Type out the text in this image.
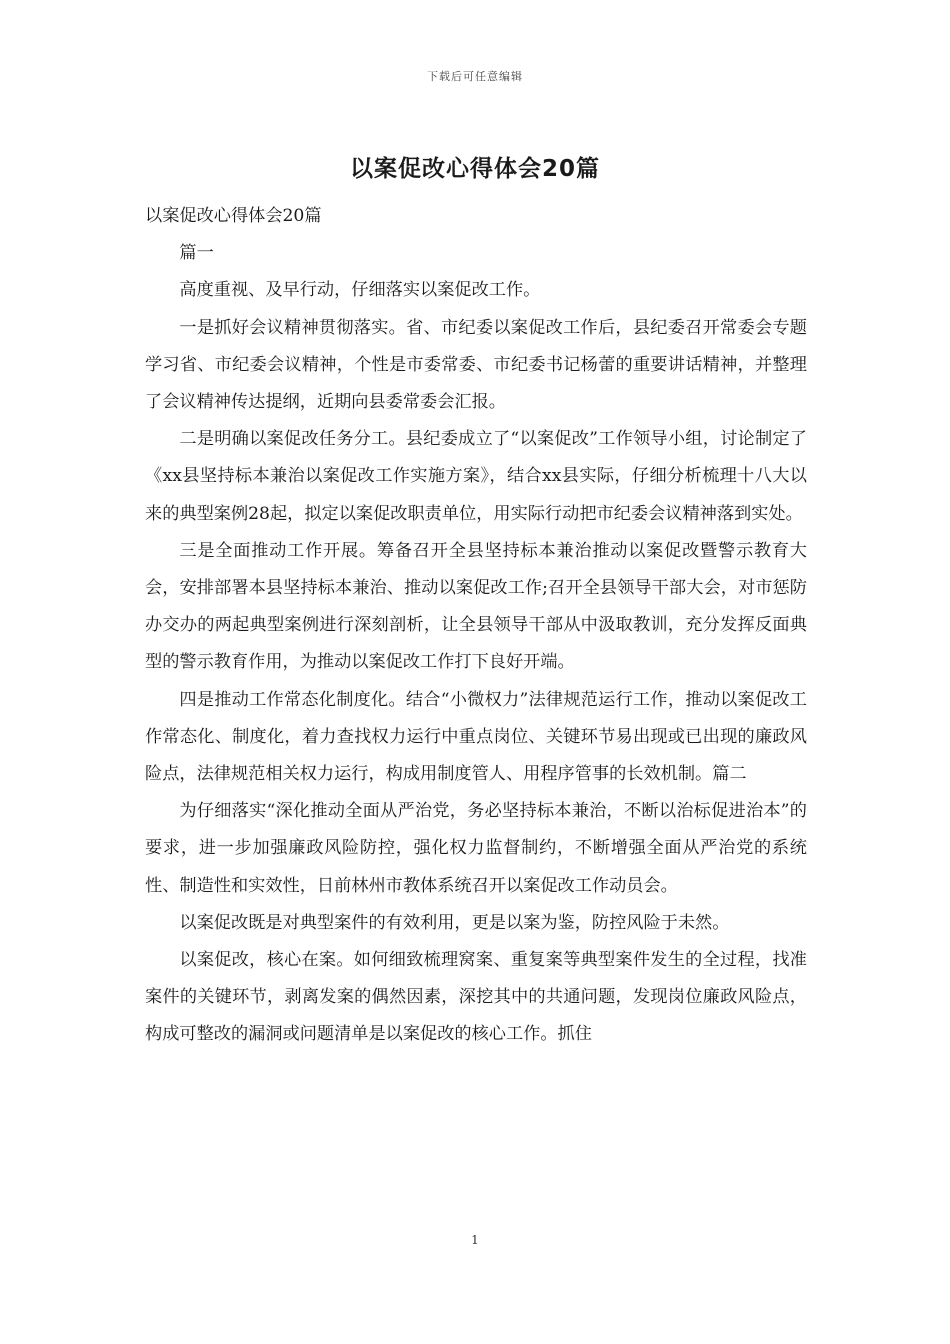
下载后可任意编辑
以案促改心得体会20篇

以案促改心得体会20篇

篇一

高度重视、及早行动，仔细落实以案促改工作。

一是抓好会议精神贯彻落实。省、市纪委以案促改工作后，县纪委召开常委会专题学习省、市纪委会议精神，个性是市委常委、市纪委书记杨蕾的重要讲话精神，并整理了会议精神传达提纲，近期向县委常委会汇报。

二是明确以案促改任务分工。县纪委成立了“以案促改”工作领导小组，讨论制定了《xx县坚持标本兼治以案促改工作实施方案》，结合xx县实际，仔细分析梳理十八大以来的典型案例28起，拟定以案促改职责单位，用实际行动把市纪委会议精神落到实处。

三是全面推动工作开展。筹备召开全县坚持标本兼治推动以案促改暨警示教育大会，安排部署本县坚持标本兼治、推动以案促改工作;召开全县领导干部大会，对市惩防办交办的两起典型案例进行深刻剖析，让全县领导干部从中汲取教训，充分发挥反面典型的警示教育作用，为推动以案促改工作打下良好开端。

四是推动工作常态化制度化。结合“小微权力”法律规范运行工作，推动以案促改工作常态化、制度化，着力查找权力运行中重点岗位、关键环节易出现或已出现的廉政风险点，法律规范相关权力运行，构成用制度管人、用程序管事的长效机制。篇二

为仔细落实“深化推动全面从严治党，务必坚持标本兼治，不断以治标促进治本”的要求，进一步加强廉政风险防控，强化权力监督制约，不断增强全面从严治党的系统性、制造性和实效性，日前林州市教体系统召开以案促改工作动员会。

以案促改既是对典型案件的有效利用，更是以案为鉴，防控风险于未然。

以案促改，核心在案。如何细致梳理窝案、重复案等典型案件发生的全过程，找准案件的关键环节，剥离发案的偶然因素，深挖其中的共通问题，发现岗位廉政风险点，构成可整改的漏洞或问题清单是以案促改的核心工作。抓住

1
